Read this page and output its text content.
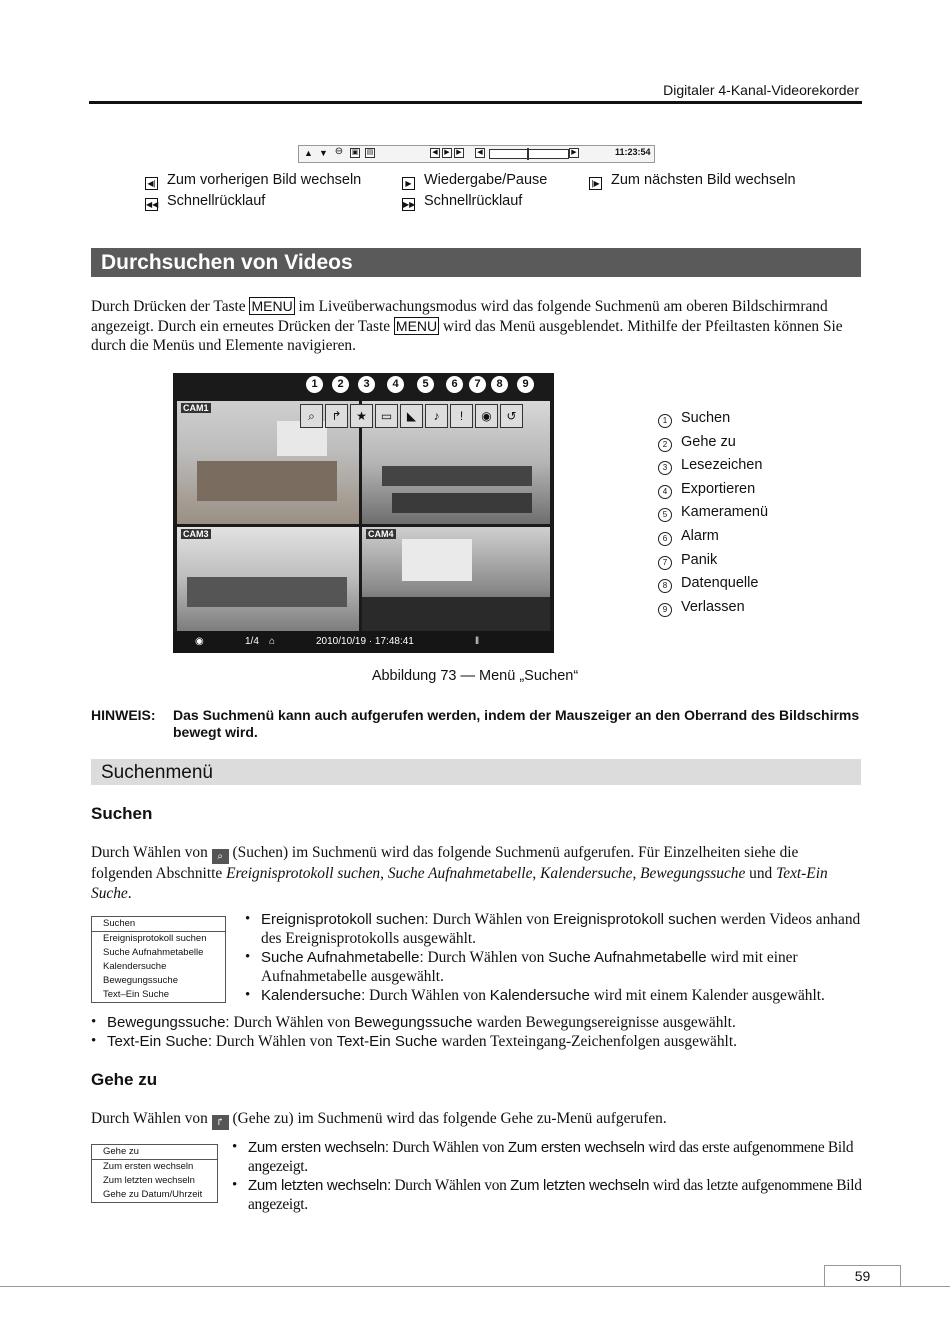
Digitaler 4-Kanal-Videorekorder
▲ ▼ ⊖ ▣ ▤	◀ ▶ ▶	◀	▶	11:23:54
◀| Zum vorherigen Bild wechseln	▶ Wiedergabe/Pause	|▶ Zum nächsten Bild wechseln
◀◀ Schnellrücklauf	▶▶ Schnellrücklauf
Durchsuchen von Videos
Durch Drücken der Taste MENU im Liveüberwachungsmodus wird das folgende Suchmenü am oberen Bildschirmrand angezeigt. Durch ein erneutes Drücken der Taste MENU wird das Menü ausgeblendet. Mithilfe der Pfeiltasten können Sie durch die Menüs und Elemente navigieren.
1	2	3	4	5	6	7	8	9
CAM1
CAM3	CAM4
⌕	↱	★	▭	◣	♪	!	◉	↺
◉	1/4 ⌂	2010/10/19 · 17:48:41	‖
1 Suchen
2 Gehe zu
3 Lesezeichen
4 Exportieren
5 Kameramenü
6 Alarm
7 Panik
8 Datenquelle
9 Verlassen
Abbildung 73 — Menü „Suchen“
HINWEIS: Das Suchmenü kann auch aufgerufen werden, indem der Mauszeiger an den Oberrand des Bildschirms bewegt wird.
Suchenmenü
Suchen
Durch Wählen von ⌕ (Suchen) im Suchmenü wird das folgende Suchmenü aufgerufen. Für Einzelheiten siehe die folgenden Abschnitte Ereignisprotokoll suchen, Suche Aufnahmetabelle, Kalendersuche, Bewegungssuche und Text-Ein Suche.
Suchen
Ereignisprotokoll suchen
Suche Aufnahmetabelle
Kalendersuche
Bewegungssuche
Text–Ein Suche
• Ereignisprotokoll suchen: Durch Wählen von Ereignisprotokoll suchen werden Videos anhand des Ereignisprotokolls ausgewählt.
• Suche Aufnahmetabelle: Durch Wählen von Suche Aufnahmetabelle wird mit einer Aufnahmetabelle ausgewählt.
• Kalendersuche: Durch Wählen von Kalendersuche wird mit einem Kalender ausgewählt.
• Bewegungssuche: Durch Wählen von Bewegungssuche warden Bewegungsereignisse ausgewählt.
• Text-Ein Suche: Durch Wählen von Text-Ein Suche warden Texteingang-Zeichenfolgen ausgewählt.
Gehe zu
Durch Wählen von ↱ (Gehe zu) im Suchmenü wird das folgende Gehe zu-Menü aufgerufen.
Gehe zu
Zum ersten wechseln
Zum letzten wechseln
Gehe zu Datum/Uhrzeit
• Zum ersten wechseln: Durch Wählen von Zum ersten wechseln wird das erste aufgenommene Bild angezeigt.
• Zum letzten wechseln: Durch Wählen von Zum letzten wechseln wird das letzte aufgenommene Bild angezeigt.
59
